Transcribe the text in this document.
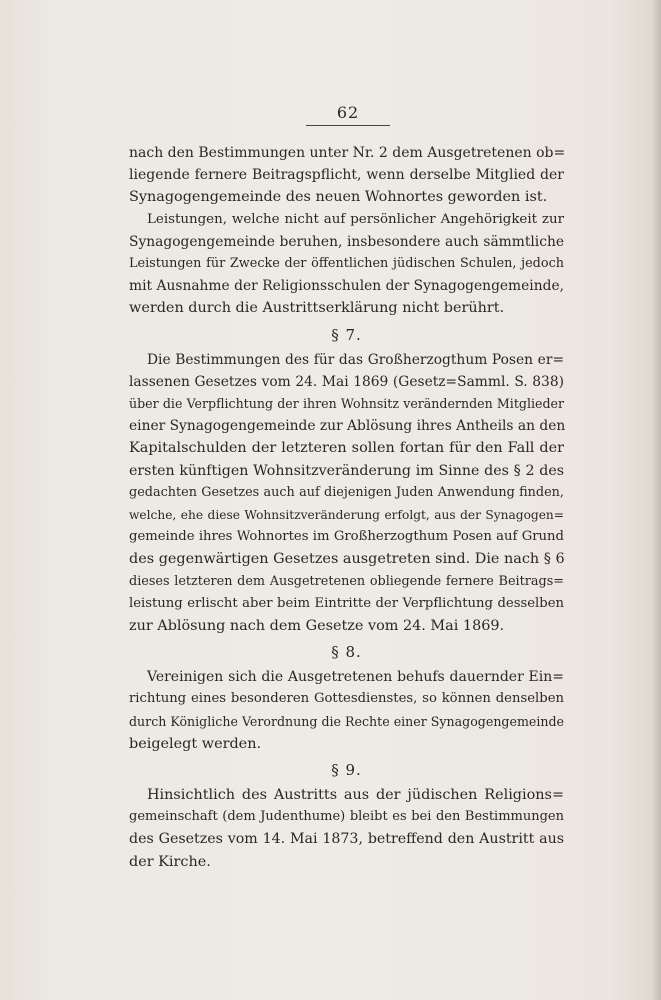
62

nach den Bestimmungen unter Nr. 2 dem Ausgetretenen ob=

liegende fernere Beitragspflicht, wenn derselbe Mitglied der

Synagogengemeinde des neuen Wohnortes geworden ist.

Leistungen, welche nicht auf persönlicher Angehörigkeit zur

Synagogengemeinde beruhen, insbesondere auch sämmtliche

Leistungen für Zwecke der öffentlichen jüdischen Schulen, jedoch

mit Ausnahme der Religionsschulen der Synagogengemeinde,

werden durch die Austrittserklärung nicht berührt.

§ 7.

Die Bestimmungen des für das Großherzogthum Posen er=

lassenen Gesetzes vom 24. Mai 1869 (Gesetz=Samml. S. 838)

über die Verpflichtung der ihren Wohnsitz verändernden Mitglieder

einer Synagogengemeinde zur Ablösung ihres Antheils an den

Kapitalschulden der letzteren sollen fortan für den Fall der

ersten künftigen Wohnsitzveränderung im Sinne des § 2 des

gedachten Gesetzes auch auf diejenigen Juden Anwendung finden,

welche, ehe diese Wohnsitzveränderung erfolgt, aus der Synagogen=

gemeinde ihres Wohnortes im Großherzogthum Posen auf Grund

des gegenwärtigen Gesetzes ausgetreten sind. Die nach § 6

dieses letzteren dem Ausgetretenen obliegende fernere Beitrags=

leistung erlischt aber beim Eintritte der Verpflichtung desselben

zur Ablösung nach dem Gesetze vom 24. Mai 1869.

§ 8.

Vereinigen sich die Ausgetretenen behufs dauernder Ein=

richtung eines besonderen Gottesdienstes, so können denselben

durch Königliche Verordnung die Rechte einer Synagogengemeinde

beigelegt werden.

§ 9.

Hinsichtlich des Austritts aus der jüdischen Religions=

gemeinschaft (dem Judenthume) bleibt es bei den Bestimmungen

des Gesetzes vom 14. Mai 1873, betreffend den Austritt aus

der Kirche.
